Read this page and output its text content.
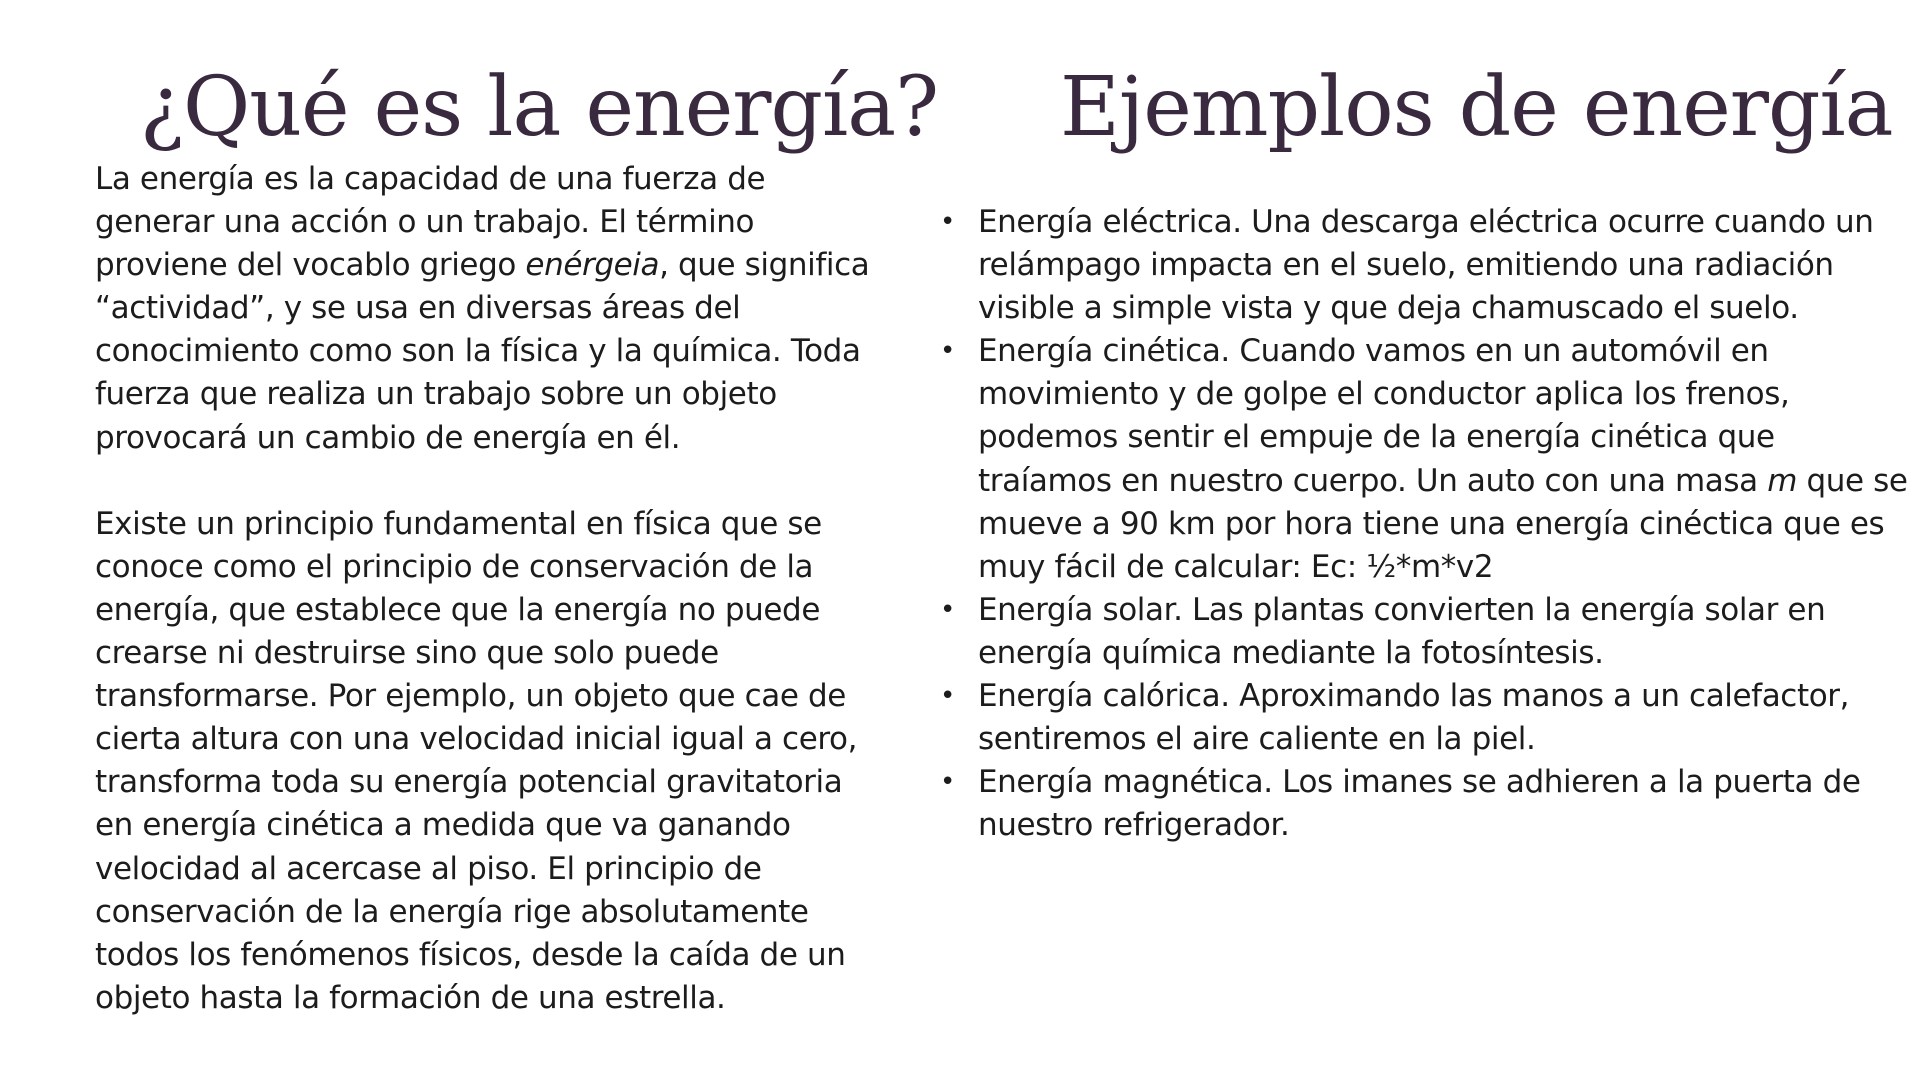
¿Qué es la energía? Ejemplos de energía

La energía es la capacidad de una fuerza de generar una acción o un trabajo. El término proviene del vocablo griego enérgeia, que significa “actividad”, y se usa en diversas áreas del conocimiento como son la física y la química. Toda fuerza que realiza un trabajo sobre un objeto provocará un cambio de energía en él.

Existe un principio fundamental en física que se conoce como el principio de conservación de la energía, que establece que la energía no puede crearse ni destruirse sino que solo puede transformarse. Por ejemplo, un objeto que cae de cierta altura con una velocidad inicial igual a cero, transforma toda su energía potencial gravitatoria en energía cinética a medida que va ganando velocidad al acercase al piso. El principio de conservación de la energía rige absolutamente todos los fenómenos físicos, desde la caída de un objeto hasta la formación de una estrella.

• Energía eléctrica. Una descarga eléctrica ocurre cuando un relámpago impacta en el suelo, emitiendo una radiación visible a simple vista y que deja chamuscado el suelo.
• Energía cinética. Cuando vamos en un automóvil en movimiento y de golpe el conductor aplica los frenos, podemos sentir el empuje de la energía cinética que traíamos en nuestro cuerpo. Un auto con una masa m que se mueve a 90 km por hora tiene una energía cinéctica que es muy fácil de calcular: Ec: ½*m*v2
• Energía solar. Las plantas convierten la energía solar en energía química mediante la fotosíntesis.
• Energía calórica. Aproximando las manos a un calefactor, sentiremos el aire caliente en la piel.
• Energía magnética. Los imanes se adhieren a la puerta de nuestro refrigerador.
